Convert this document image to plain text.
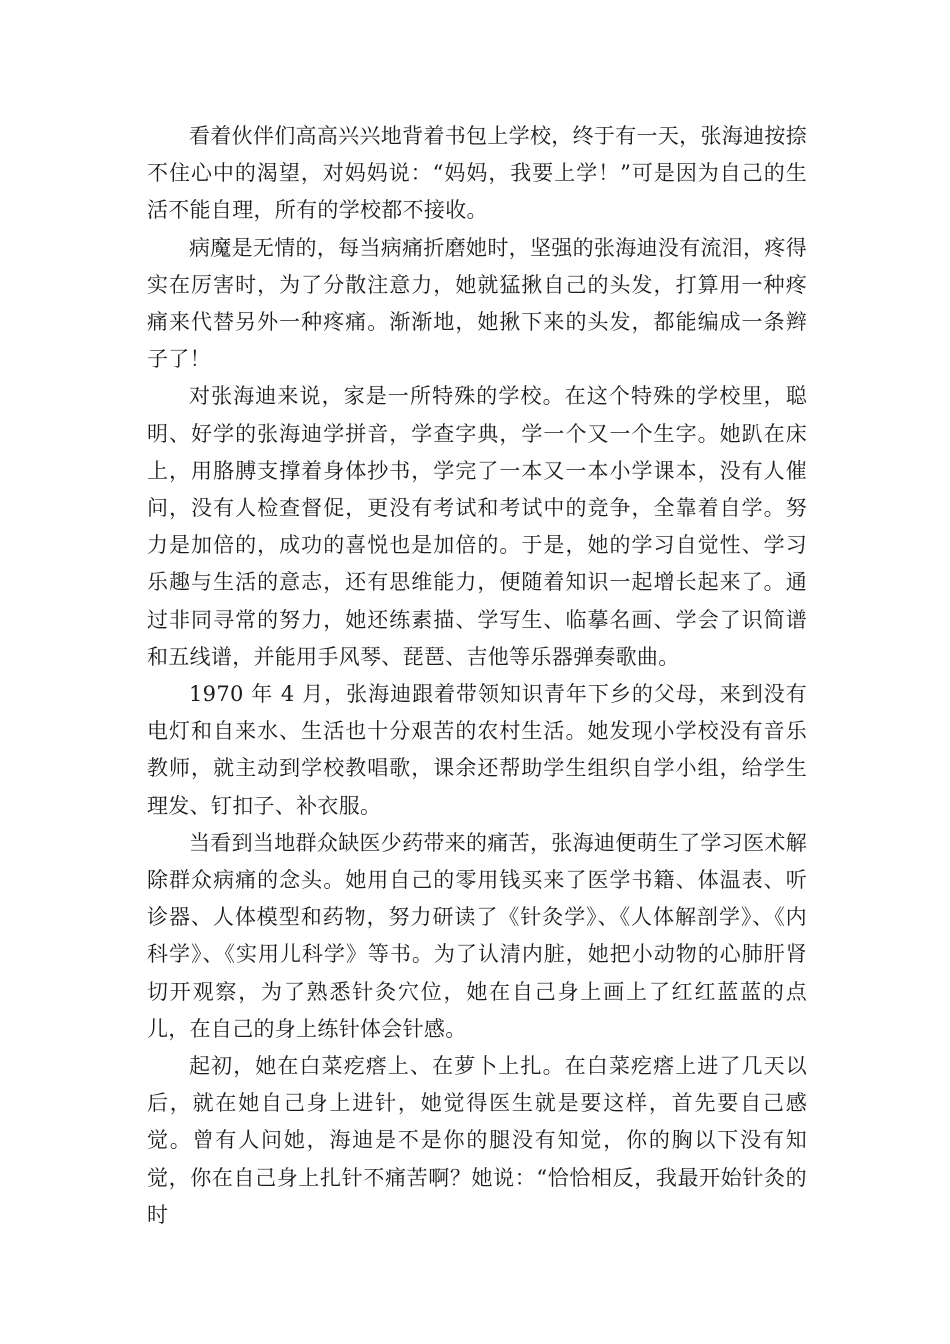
看着伙伴们高高兴兴地背着书包上学校，终于有一天，张海迪按捺不住心中的渴望，对妈妈说：“妈妈，我要上学！”可是因为自己的生活不能自理，所有的学校都不接收。

病魔是无情的，每当病痛折磨她时，坚强的张海迪没有流泪，疼得实在厉害时，为了分散注意力，她就猛揪自己的头发，打算用一种疼痛来代替另外一种疼痛。渐渐地，她揪下来的头发，都能编成一条辫子了！

对张海迪来说，家是一所特殊的学校。在这个特殊的学校里，聪明、好学的张海迪学拼音，学查字典，学一个又一个生字。她趴在床上，用胳膊支撑着身体抄书，学完了一本又一本小学课本，没有人催问，没有人检查督促，更没有考试和考试中的竞争，全靠着自学。努力是加倍的，成功的喜悦也是加倍的。于是，她的学习自觉性、学习乐趣与生活的意志，还有思维能力，便随着知识一起增长起来了。通过非同寻常的努力，她还练素描、学写生、临摹名画、学会了识简谱和五线谱，并能用手风琴、琵琶、吉他等乐器弹奏歌曲。

1970 年 4 月，张海迪跟着带领知识青年下乡的父母，来到没有电灯和自来水、生活也十分艰苦的农村生活。她发现小学校没有音乐教师，就主动到学校教唱歌，课余还帮助学生组织自学小组，给学生理发、钉扣子、补衣服。

当看到当地群众缺医少药带来的痛苦，张海迪便萌生了学习医术解除群众病痛的念头。她用自己的零用钱买来了医学书籍、体温表、听诊器、人体模型和药物，努力研读了《针灸学》、《人体解剖学》、《内科学》、《实用儿科学》等书。为了认清内脏，她把小动物的心肺肝肾切开观察，为了熟悉针灸穴位，她在自己身上画上了红红蓝蓝的点儿，在自己的身上练针体会针感。

起初，她在白菜疙瘩上、在萝卜上扎。在白菜疙瘩上进了几天以后，就在她自己身上进针，她觉得医生就是要这样，首先要自己感觉。曾有人问她，海迪是不是你的腿没有知觉，你的胸以下没有知觉，你在自己身上扎针不痛苦啊？她说：“恰恰相反，我最开始针灸的时
